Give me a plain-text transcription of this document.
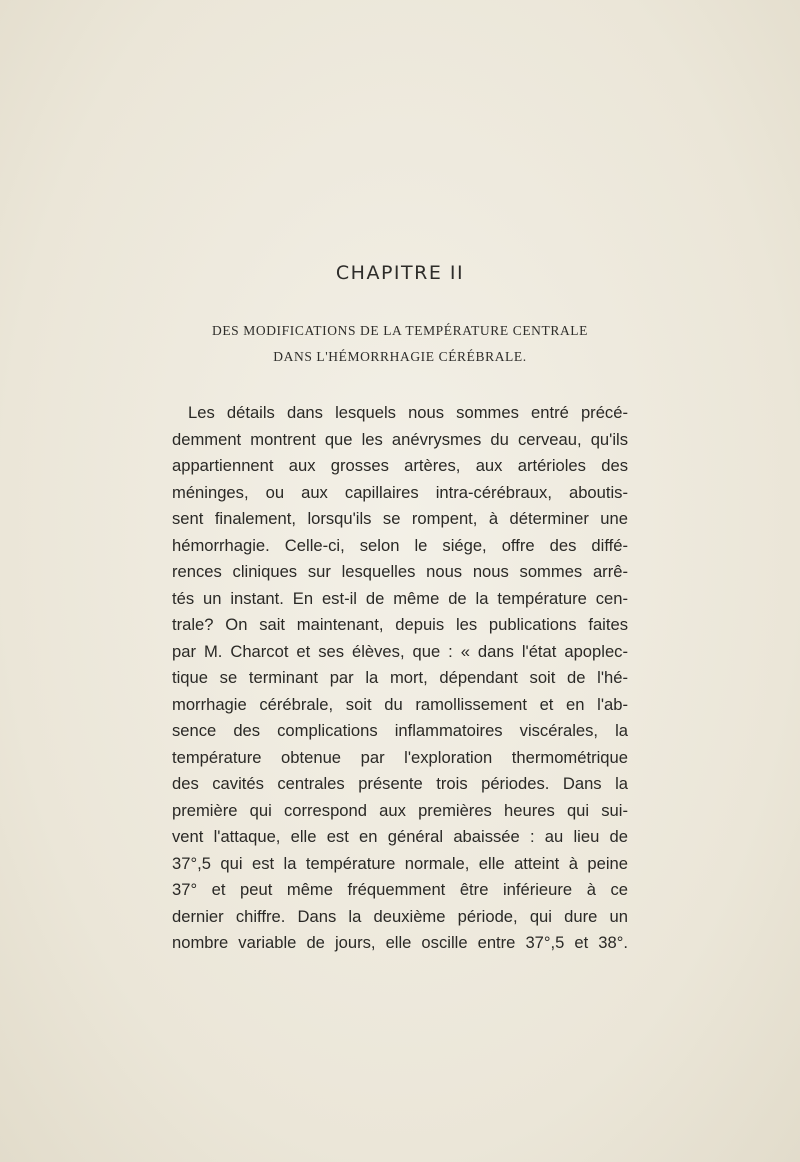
CHAPITRE II
DES MODIFICATIONS DE LA TEMPÉRATURE CENTRALE
DANS L'HÉMORRHAGIE CÉRÉBRALE.
Les détails dans lesquels nous sommes entré précé-
demment montrent que les anévrysmes du cerveau, qu'ils
appartiennent aux grosses artères, aux artérioles des
méninges, ou aux capillaires intra-cérébraux, aboutis-
sent finalement, lorsqu'ils se rompent, à déterminer une
hémorrhagie. Celle-ci, selon le siége, offre des diffé-
rences cliniques sur lesquelles nous nous sommes arrê-
tés un instant. En est-il de même de la température cen-
trale? On sait maintenant, depuis les publications faites
par M. Charcot et ses élèves, que : « dans l'état apoplec-
tique se terminant par la mort, dépendant soit de l'hé-
morrhagie cérébrale, soit du ramollissement et en l'ab-
sence des complications inflammatoires viscérales, la
température obtenue par l'exploration thermométrique
des cavités centrales présente trois périodes. Dans la
première qui correspond aux premières heures qui sui-
vent l'attaque, elle est en général abaissée : au lieu de
37°,5 qui est la température normale, elle atteint à peine
37° et peut même fréquemment être inférieure à ce
dernier chiffre. Dans la deuxième période, qui dure un
nombre variable de jours, elle oscille entre 37°,5 et 38°.
